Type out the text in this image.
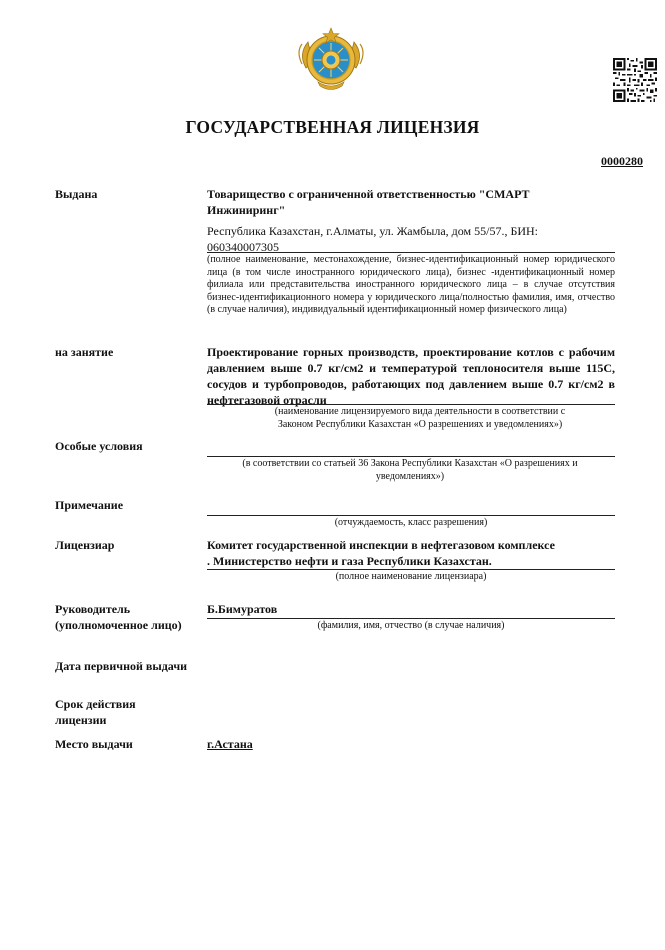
ГОСУДАРСТВЕННАЯ ЛИЦЕНЗИЯ
0000280
Выдана	Товарищество с ограниченной ответственностью "СМАРТ
Инжиниринг"
Республика Казахстан, г.Алматы, ул. Жамбыла, дом 55/57., БИН: 060340007305
(полное наименование, местонахождение, бизнес-идентификационный номер юридического лица (в том числе иностранного юридического лица), бизнес -идентификационный номер филиала или представительства иностранного юридического лица – в случае отсутствия бизнес-идентификационного номера у юридического лица/полностью фамилия, имя, отчество (в случае наличия), индивидуальный идентификационный номер физического лица)
на занятие	Проектирование горных производств, проектирование котлов с рабочим давлением выше 0.7 кг/см2 и температурой теплоносителя выше 115С, сосудов и турбопроводов, работающих под давлением выше 0.7 кг/см2 в нефтегазовой отрасли
(наименование лицензируемого вида деятельности в соответствии с Законом Республики Казахстан «О разрешениях и уведомлениях»)
Особые условия
(в соответствии со статьей 36 Закона Республики Казахстан «О разрешениях и уведомлениях»)
Примечание
(отчуждаемость, класс разрешения)
Лицензиар	Комитет государственной инспекции в нефтегазовом комплексе
. Министерство нефти и газа Республики Казахстан.
(полное наименование лицензиара)
Руководитель
(уполномоченное лицо)
Б.Бимуратов
(фамилия, имя, отчество (в случае наличия)
Дата первичной выдачи
Срок действия
лицензии
Место выдачи	г.Астана
